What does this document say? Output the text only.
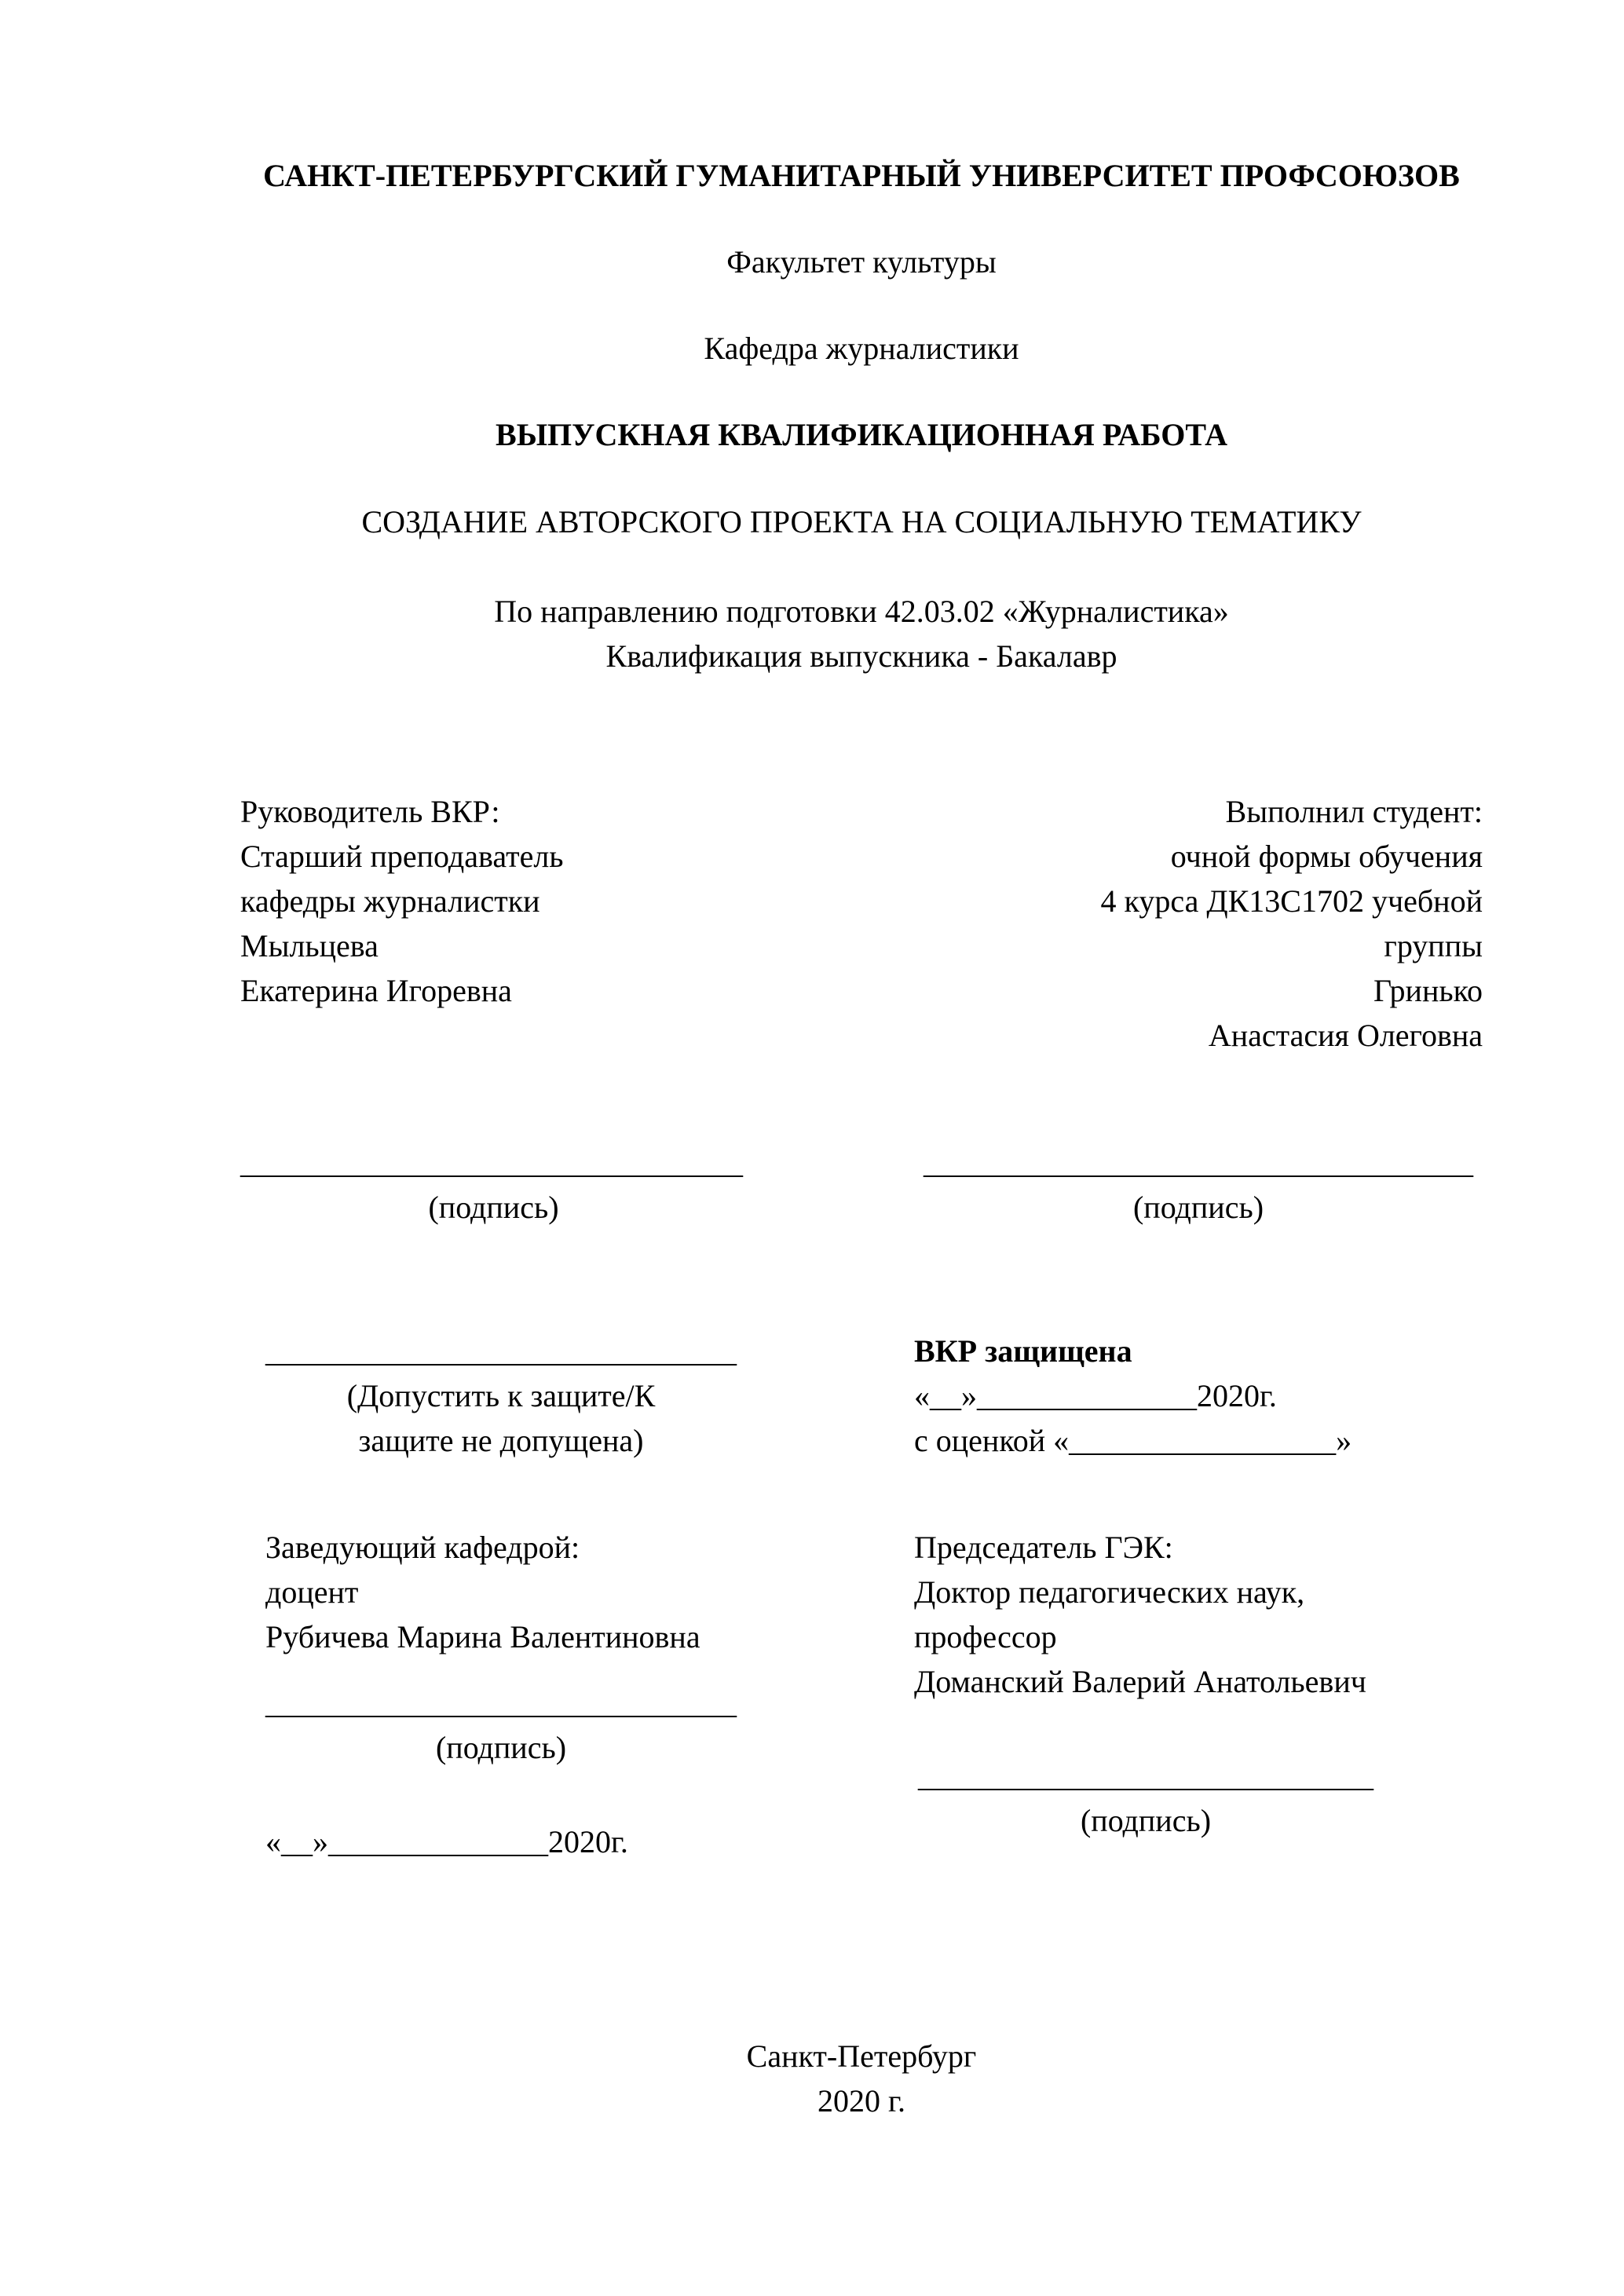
САНКТ-ПЕТЕРБУРГСКИЙ ГУМАНИТАРНЫЙ УНИВЕРСИТЕТ ПРОФСОЮЗОВ
Факультет культуры
Кафедра журналистики
ВЫПУСКНАЯ КВАЛИФИКАЦИОННАЯ РАБОТА
СОЗДАНИЕ АВТОРСКОГО ПРОЕКТА НА СОЦИАЛЬНУЮ ТЕМАТИКУ
По направлению подготовки 42.03.02 «Журналистика»
Квалификация выпускника - Бакалавр
Руководитель ВКР:
Старший преподаватель
кафедры журналистки
Мыльцева
Екатерина Игоревна
________________________________
(подпись)
______________________________
(Допустить к защите/К
защите не допущена)
Заведующий кафедрой:
доцент
Рубичева Марина Валентиновна
______________________________
(подпись)
«__»______________2020г.
Выполнил студент:
очной формы обучения
4 курса ДК13С1702 учебной
группы
Гринько
Анастасия Олеговна
___________________________________
(подпись)
ВКР защищена
«__»______________2020г.
с оценкой «_________________»
Председатель ГЭК:
Доктор педагогических наук,
профессор
Доманский Валерий Анатольевич
_____________________________
(подпись)
Санкт-Петербург
2020 г.
